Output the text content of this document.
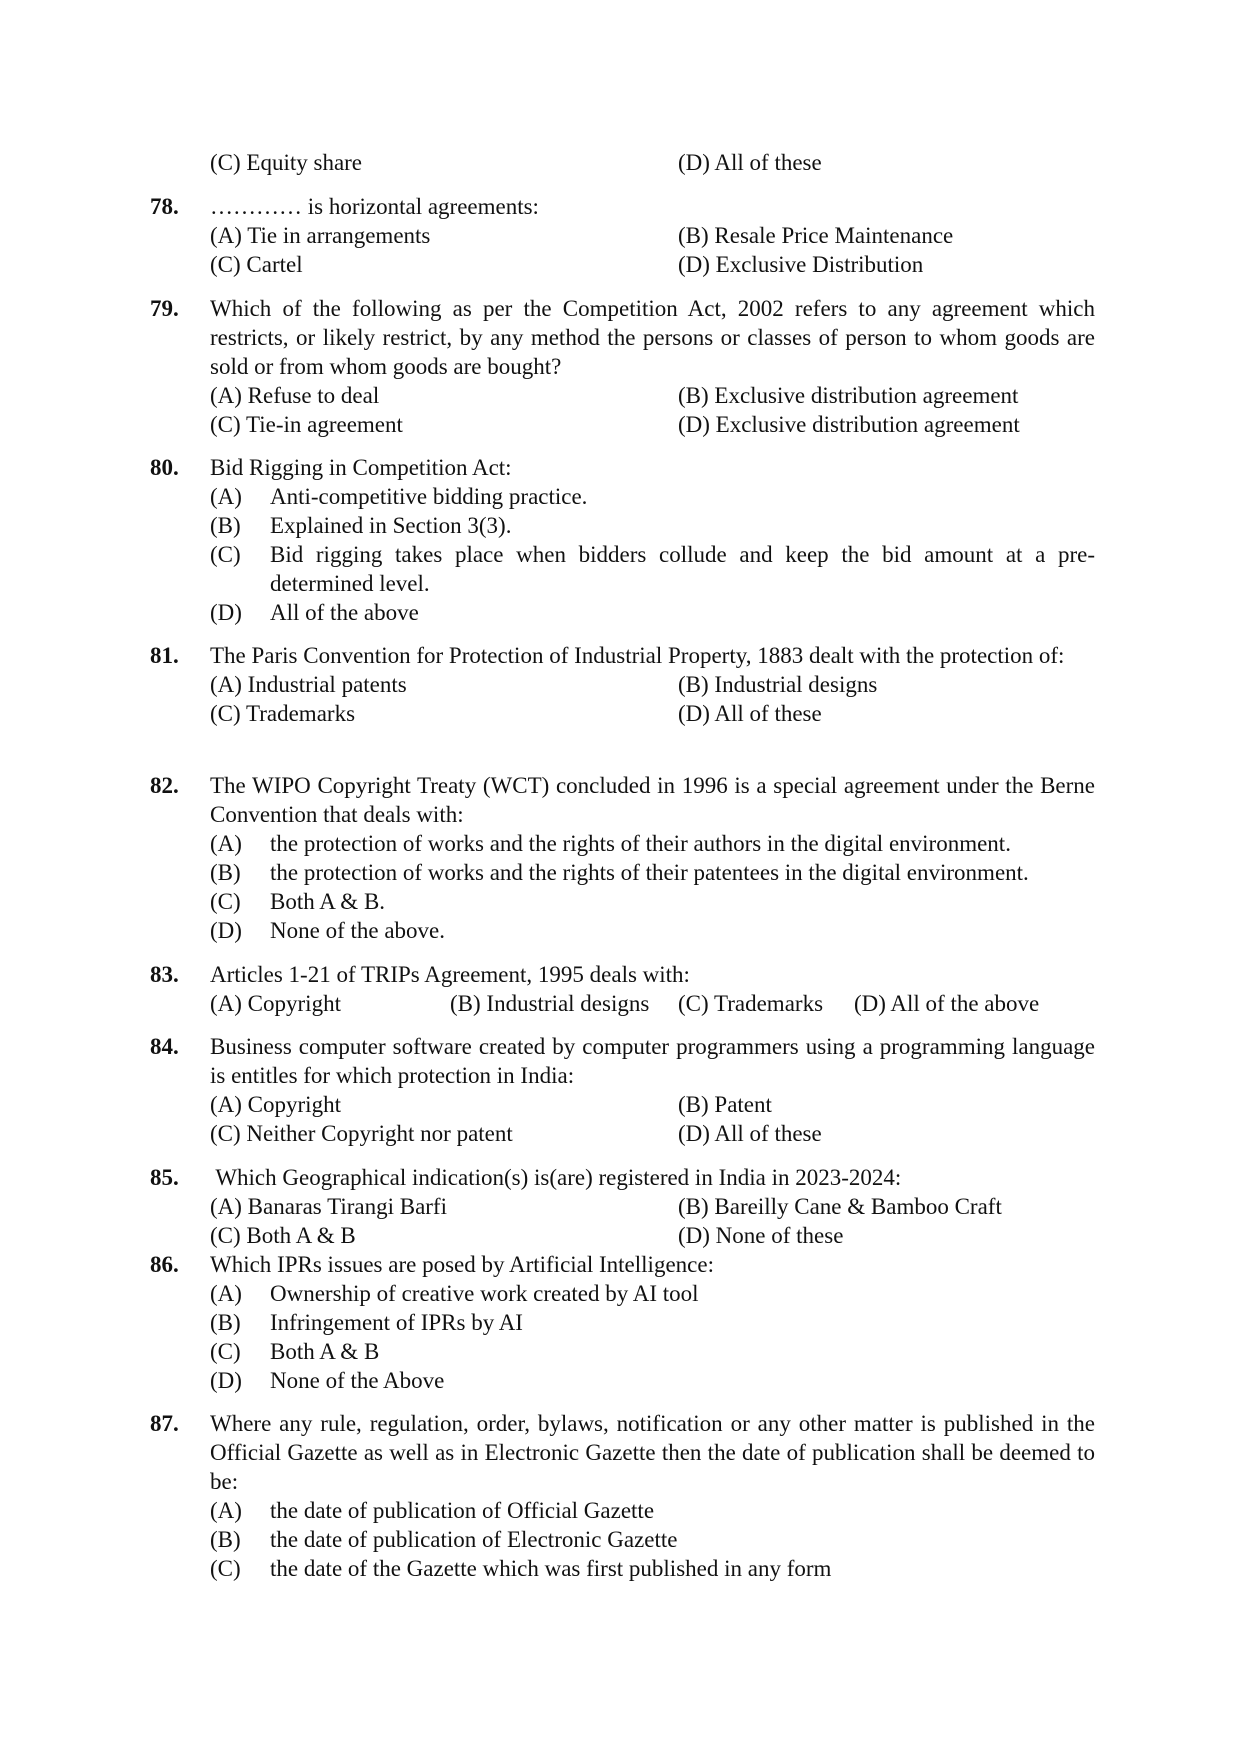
(C) Equity share	(D) All of these
78.	………… is horizontal agreements:
(A) Tie in arrangements	(B) Resale Price Maintenance
(C) Cartel	(D) Exclusive Distribution
79.	Which of the following as per the Competition Act, 2002 refers to any agreement which restricts, or likely restrict, by any method the persons or classes of person to whom goods are sold or from whom goods are bought?
(A) Refuse to deal	(B) Exclusive distribution agreement
(C) Tie-in agreement	(D) Exclusive distribution agreement
80.	Bid Rigging in Competition Act:
(A)	Anti-competitive bidding practice.
(B)	Explained in Section 3(3).
(C)	Bid rigging takes place when bidders collude and keep the bid amount at a pre-determined level.
(D)	All of the above
81.	The Paris Convention for Protection of Industrial Property, 1883 dealt with the protection of:
(A) Industrial patents	(B) Industrial designs
(C) Trademarks	(D) All of these
82.	The WIPO Copyright Treaty (WCT) concluded in 1996 is a special agreement under the Berne Convention that deals with:
(A)	the protection of works and the rights of their authors in the digital environment.
(B)	the protection of works and the rights of their patentees in the digital environment.
(C)	Both A & B.
(D)	None of the above.
83.	Articles 1-21 of TRIPs Agreement, 1995 deals with:
(A) Copyright	(B) Industrial designs	(C) Trademarks	(D) All of the above
84.	Business computer software created by computer programmers using a programming language is entitles for which protection in India:
(A) Copyright	(B) Patent
(C) Neither Copyright nor patent	(D) All of these
85.	Which Geographical indication(s) is(are) registered in India in 2023-2024:
(A) Banaras Tirangi Barfi	(B) Bareilly Cane & Bamboo Craft
(C) Both A & B	(D) None of these
86.	Which IPRs issues are posed by Artificial Intelligence:
(A)	Ownership of creative work created by AI tool
(B)	Infringement of IPRs by AI
(C)	Both A & B
(D)	None of the Above
87.	Where any rule, regulation, order, bylaws, notification or any other matter is published in the Official Gazette as well as in Electronic Gazette then the date of publication shall be deemed to be:
(A)	the date of publication of Official Gazette
(B)	the date of publication of Electronic Gazette
(C)	the date of the Gazette which was first published in any form
